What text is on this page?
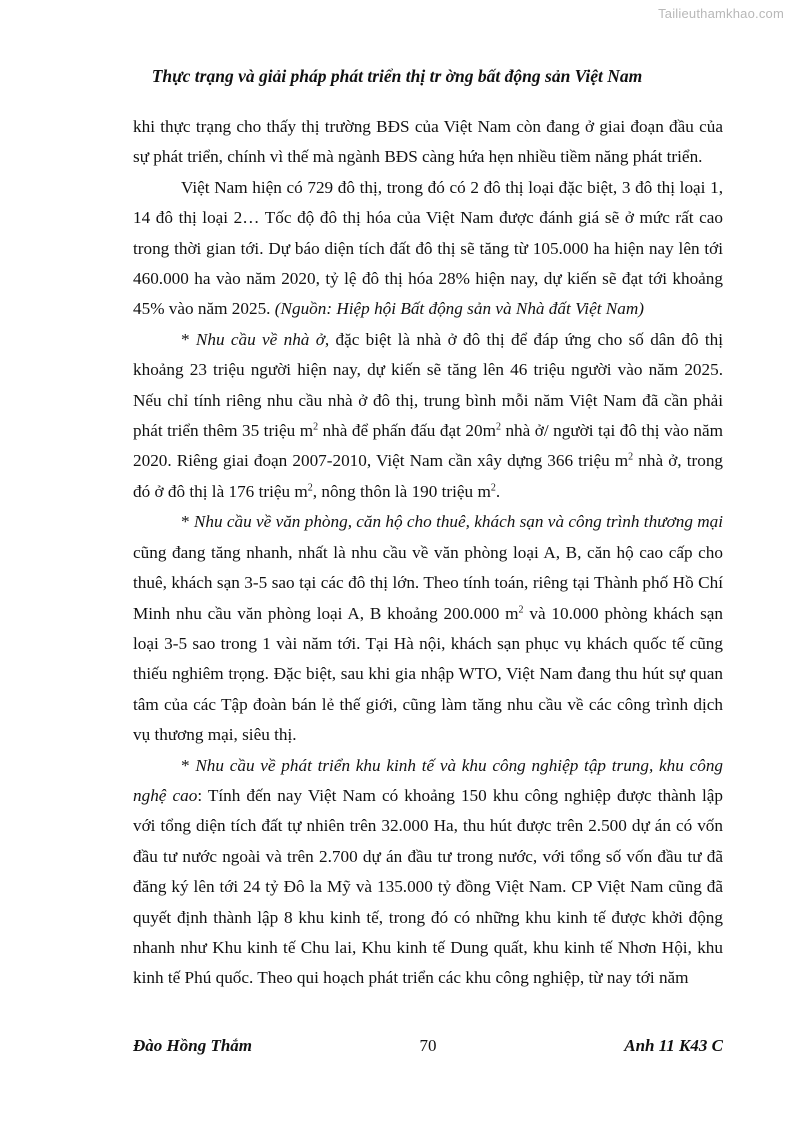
Tailieuthamkhao.com
Thực trạng và giải pháp phát triển thị tr ờng bất động sản Việt Nam

khi thực trạng cho thấy thị trường BĐS của Việt Nam còn đang ở giai đoạn đầu của sự phát triển, chính vì thế mà ngành BĐS càng hứa hẹn nhiều tiềm năng phát triển.

Việt Nam hiện có 729 đô thị, trong đó có 2 đô thị loại đặc biệt, 3 đô thị loại 1, 14 đô thị loại 2… Tốc độ đô thị hóa của Việt Nam được đánh giá sẽ ở mức rất cao trong thời gian tới. Dự báo diện tích đất đô thị sẽ tăng từ 105.000 ha hiện nay lên tới 460.000 ha vào năm 2020, tỷ lệ đô thị hóa 28% hiện nay, dự kiến sẽ đạt tới khoảng 45% vào năm 2025. (Nguồn: Hiệp hội Bất động sản và Nhà đất Việt Nam)

* Nhu cầu về nhà ở, đặc biệt là nhà ở đô thị để đáp ứng cho số dân đô thị khoảng 23 triệu người hiện nay, dự kiến sẽ tăng lên 46 triệu người vào năm 2025. Nếu chỉ tính riêng nhu cầu nhà ở đô thị, trung bình mỗi năm Việt Nam đã cần phải phát triển thêm 35 triệu $m^2$ nhà để phấn đấu đạt $20m^2$ nhà ở/ người tại đô thị vào năm 2020. Riêng giai đoạn 2007-2010, Việt Nam cần xây dựng 366 triệu $m^2$ nhà ở, trong đó ở đô thị là 176 triệu $m^2$, nông thôn là 190 triệu $m^2$.

* Nhu cầu về văn phòng, căn hộ cho thuê, khách sạn và công trình thương mại cũng đang tăng nhanh, nhất là nhu cầu về văn phòng loại A, B, căn hộ cao cấp cho thuê, khách sạn 3-5 sao tại các đô thị lớn. Theo tính toán, riêng tại Thành phố Hồ Chí Minh nhu cầu văn phòng loại A, B khoảng 200.000 $m^2$ và 10.000 phòng khách sạn loại 3-5 sao trong 1 vài năm tới. Tại Hà nội, khách sạn phục vụ khách quốc tế cũng thiếu nghiêm trọng. Đặc biệt, sau khi gia nhập WTO, Việt Nam đang thu hút sự quan tâm của các Tập đoàn bán lẻ thế giới, cũng làm tăng nhu cầu về các công trình dịch vụ thương mại, siêu thị.

* Nhu cầu về phát triển khu kinh tế và khu công nghiệp tập trung, khu công nghệ cao: Tính đến nay Việt Nam có khoảng 150 khu công nghiệp được thành lập với tổng diện tích đất tự nhiên trên 32.000 Ha, thu hút được trên 2.500 dự án có vốn đầu tư nước ngoài và trên 2.700 dự án đầu tư trong nước, với tổng số vốn đầu tư đã đăng ký lên tới 24 tỷ Đô la Mỹ và 135.000 tỷ đồng Việt Nam. CP Việt Nam cũng đã quyết định thành lập 8 khu kinh tế, trong đó có những khu kinh tế được khởi động nhanh như Khu kinh tế Chu lai, Khu kinh tế Dung quất, khu kinh tế Nhơn Hội, khu kinh tế Phú quốc. Theo qui hoạch phát triển các khu công nghiệp, từ nay tới năm

Đào Hồng Thắm	70	Anh 11 K43 C
